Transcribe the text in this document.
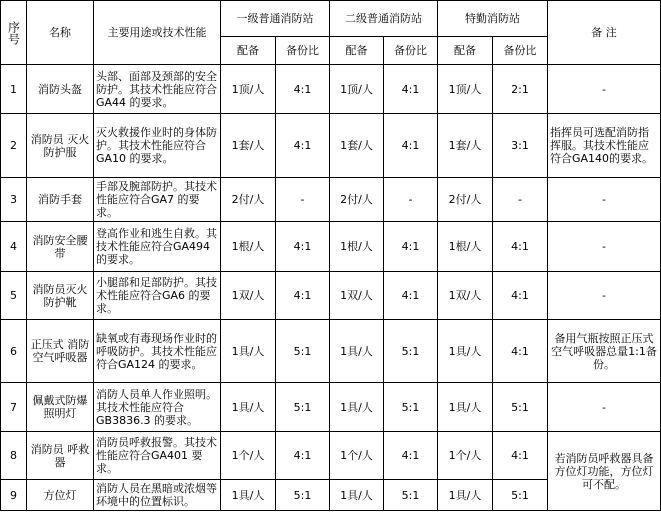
序号	名称	主要用途或技术性能	一级普通消防站		二级普通消防站		特勤消防站		备 注
			配备	备份比	配备	备份比	配备	备份比	
1	消防头盔	头部、面部及颈部的安全防护。其技术性能应符合GA44 的要求。	1顶/人	4:1	1顶/人	4:1	1顶/人	2:1	-
2	消防员 灭火防护服	灭火救援作业时的身体防护。其技术性能应符合GA10 的要求。	1套/人	4:1	1套/人	4:1	1套/人	3:1	指挥员可选配消防指挥服。其技术性能应符合GA140的要求。
3	消防手套	手部及腕部防护。其技术性能应符合GA7 的要求。	2付/人	-	2付/人	-	2付/人	-	-
4	消防安全腰带	登高作业和逃生自救。其技术性能应符合GA494 的要求。	1根/人	4:1	1根/人	4:1	1根/人	4:1	-
5	消防员灭火防护靴	小腿部和足部防护。其技术性能应符合GA6 的要求。	1双/人	4:1	1双/人	4:1	1双/人	4:1	-
6	正压式 消防空气呼吸器	缺氧或有毒现场作业时的呼吸防护。其技术性能应符合GA124 的要求。	1具/人	5:1	1具/人	5:1	1具/人	4:1	备用气瓶按照正压式空气呼吸器总量1:1备份。
7	佩戴式防爆照明灯	消防人员单人作业照明。其技术性能应符合GB3836.3 的要求。	1具/人	5:1	1具/人	5:1	1具/人	5:1	-
8	消防员 呼救器	消防员呼救报警。其技术性能应符合GA401 要求。	1个/人	4:1	1个/人	4:1	1个/人	4:1	若消防员呼救器具备方位灯功能，方位灯可不配。
9	方位灯	消防人员在黑暗或浓烟等环境中的位置标识。	1具/人	5:1	1具/人	5:1	1具/人	5:1	
